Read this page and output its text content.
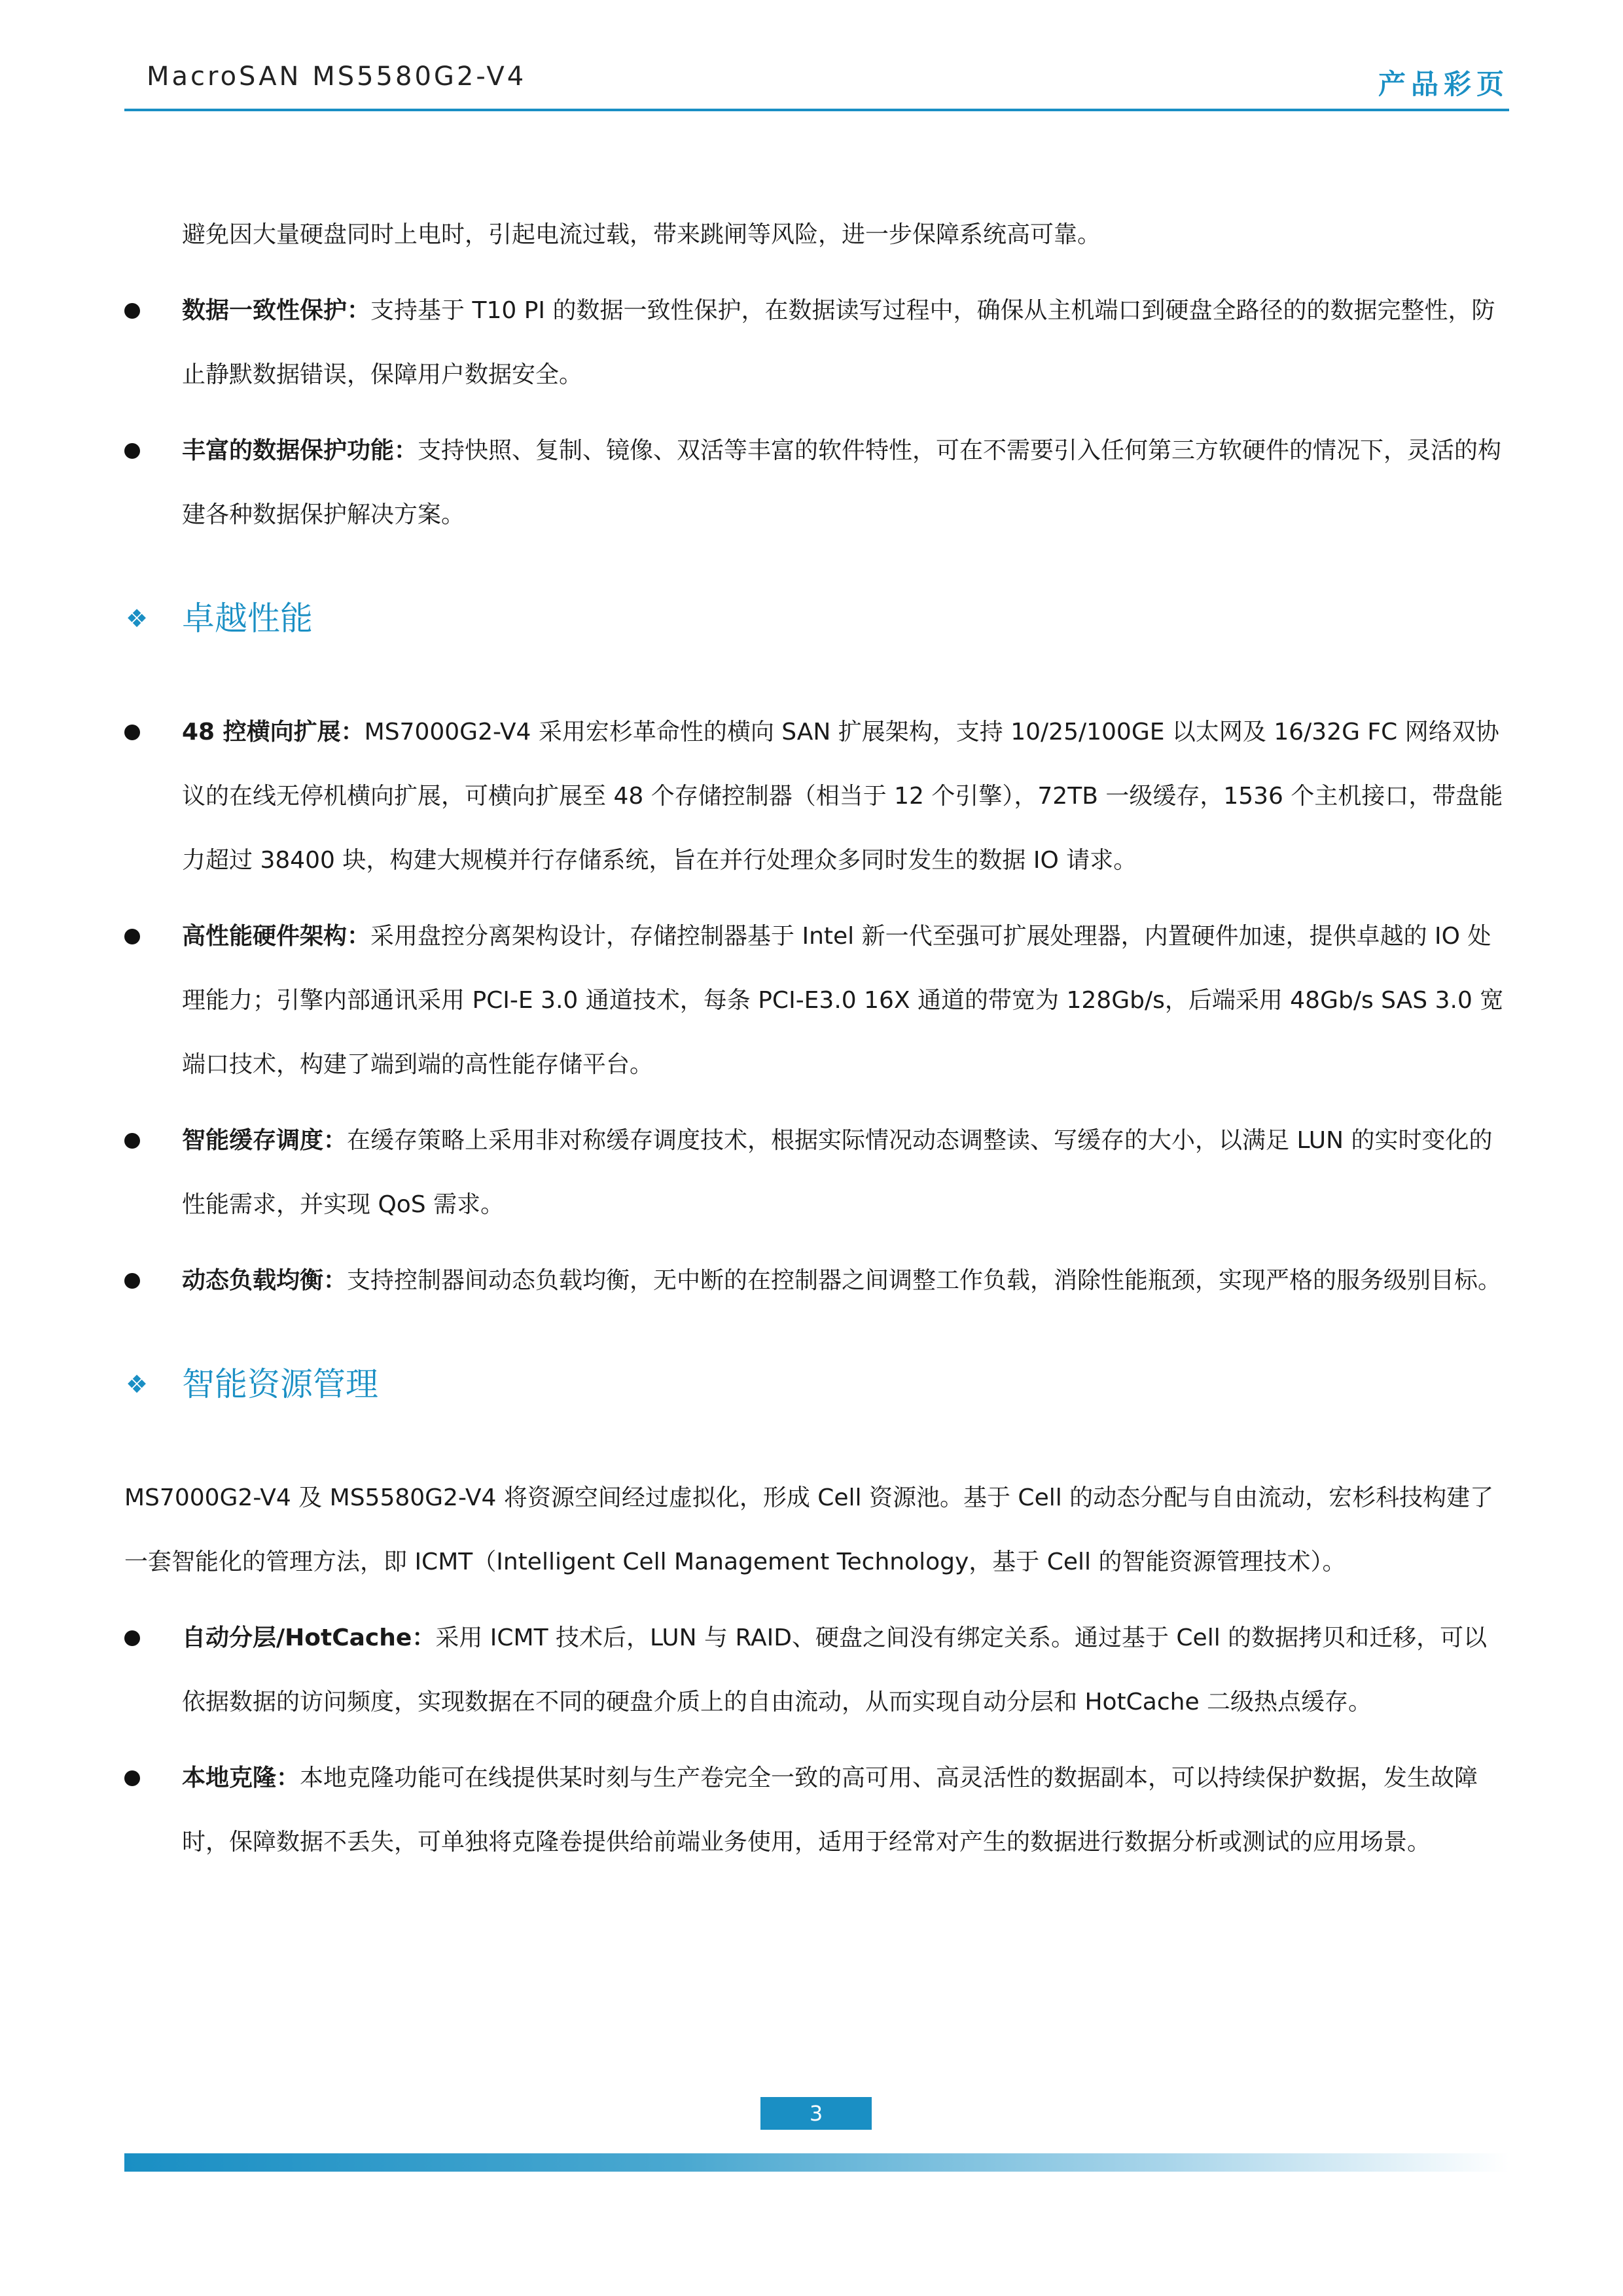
MacroSAN MS5580G2-V4	产品彩页

避免因大量硬盘同时上电时，引起电流过载，带来跳闸等风险，进一步保障系统高可靠。

数据一致性保护：支持基于 T10 PI 的数据一致性保护，在数据读写过程中，确保从主机端口到硬盘全路径的的数据完整性，防止静默数据错误，保障用户数据安全。
丰富的数据保护功能：支持快照、复制、镜像、双活等丰富的软件特性，可在不需要引入任何第三方软硬件的情况下，灵活的构建各种数据保护解决方案。
❖ 卓越性能
48 控横向扩展：MS7000G2-V4 采用宏杉革命性的横向 SAN 扩展架构，支持 10/25/100GE 以太网及 16/32G FC 网络双协议的在线无停机横向扩展，可横向扩展至 48 个存储控制器（相当于 12 个引擎），72TB 一级缓存，1536 个主机接口，带盘能力超过 38400 块，构建大规模并行存储系统，旨在并行处理众多同时发生的数据 IO 请求。
高性能硬件架构：采用盘控分离架构设计，存储控制器基于 Intel 新一代至强可扩展处理器，内置硬件加速，提供卓越的 IO 处理能力；引擎内部通讯采用 PCI-E 3.0 通道技术，每条 PCI-E3.0 16X 通道的带宽为 128Gb/s，后端采用 48Gb/s SAS 3.0 宽端口技术，构建了端到端的高性能存储平台。
智能缓存调度：在缓存策略上采用非对称缓存调度技术，根据实际情况动态调整读、写缓存的大小，以满足 LUN 的实时变化的性能需求，并实现 QoS 需求。
动态负载均衡：支持控制器间动态负载均衡，无中断的在控制器之间调整工作负载，消除性能瓶颈，实现严格的服务级别目标。
❖ 智能资源管理

MS7000G2-V4 及 MS5580G2-V4 将资源空间经过虚拟化，形成 Cell 资源池。基于 Cell 的动态分配与自由流动，宏杉科技构建了一套智能化的管理方法，即 ICMT（Intelligent Cell Management Technology，基于 Cell 的智能资源管理技术）。

自动分层/HotCache：采用 ICMT 技术后，LUN 与 RAID、硬盘之间没有绑定关系。通过基于 Cell 的数据拷贝和迁移，可以依据数据的访问频度，实现数据在不同的硬盘介质上的自由流动，从而实现自动分层和 HotCache 二级热点缓存。
本地克隆：本地克隆功能可在线提供某时刻与生产卷完全一致的高可用、高灵活性的数据副本，可以持续保护数据，发生故障时，保障数据不丢失，可单独将克隆卷提供给前端业务使用，适用于经常对产生的数据进行数据分析或测试的应用场景。
3
